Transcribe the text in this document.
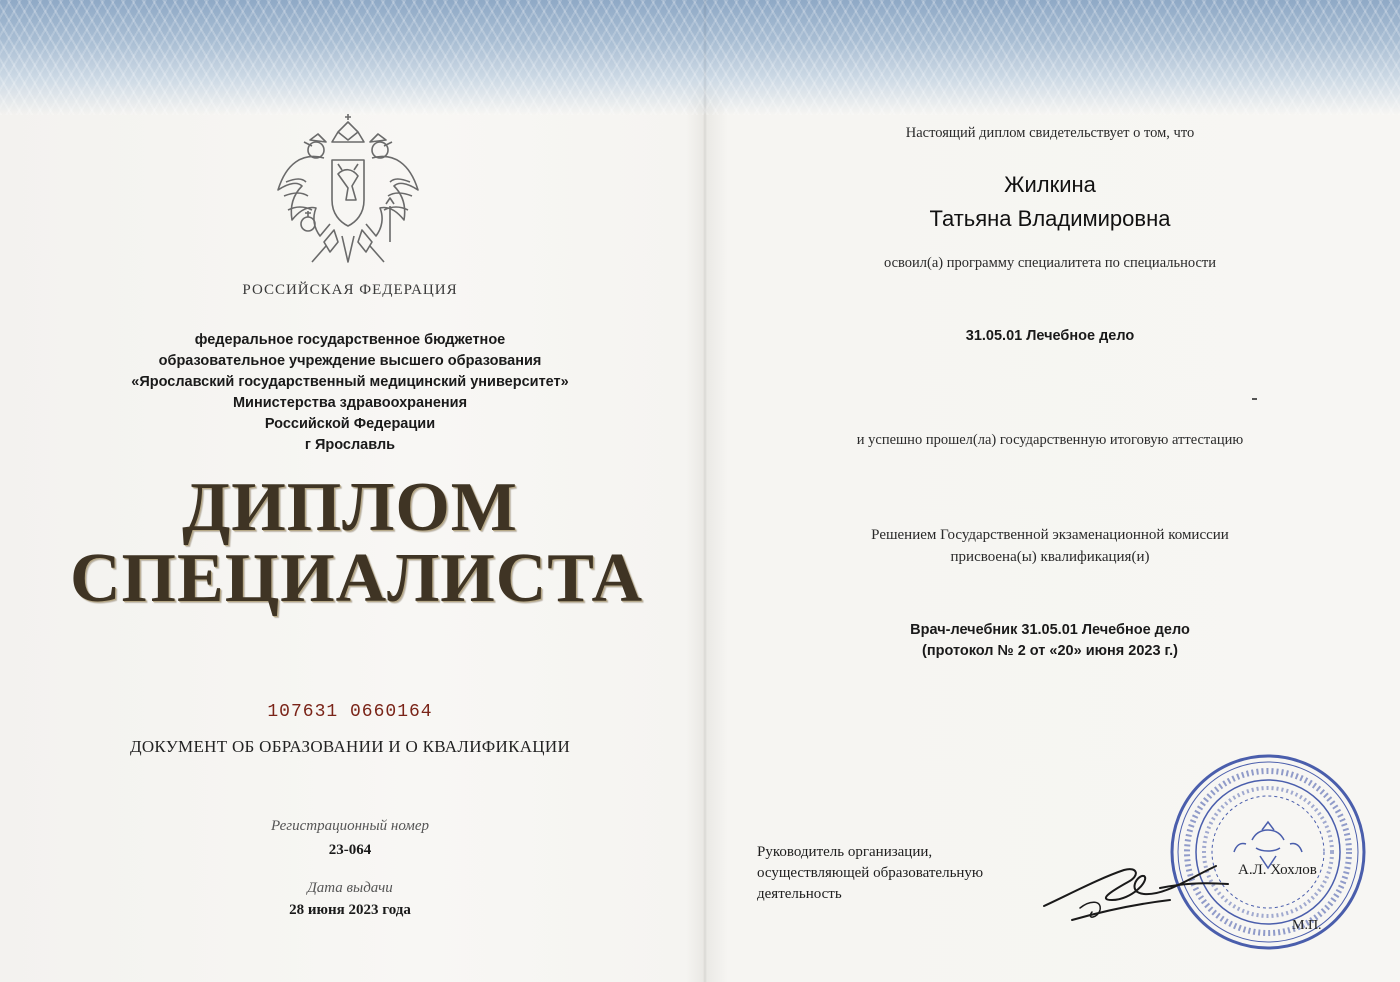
РОССИЙСКАЯ ФЕДЕРАЦИЯ

федеральное государственное бюджетное
образовательное учреждение высшего образования
«Ярославский государственный медицинский университет»
Министерства здравоохранения
Российской Федерации
г Ярославль
ДИПЛОМ
СПЕЦИАЛИСТА

107631 0660164

ДОКУМЕНТ ОБ ОБРАЗОВАНИИ И О КВАЛИФИКАЦИИ

Регистрационный номер

23-064

Дата выдачи

28 июня 2023 года

Настоящий диплом свидетельствует о том, что

Жилкина

Татьяна Владимировна

освоил(а) программу специалитета по специальности

31.05.01 Лечебное дело

и успешно прошел(ла) государственную итоговую аттестацию

Решением Государственной экзаменационной комиссии

присвоена(ы) квалификация(и)

Врач-лечебник 31.05.01 Лечебное дело

(протокол № 2 от «20» июня 2023 г.)

Руководитель организации,
осуществляющей образовательную
деятельность

А.Л. Хохлов

М.П.
